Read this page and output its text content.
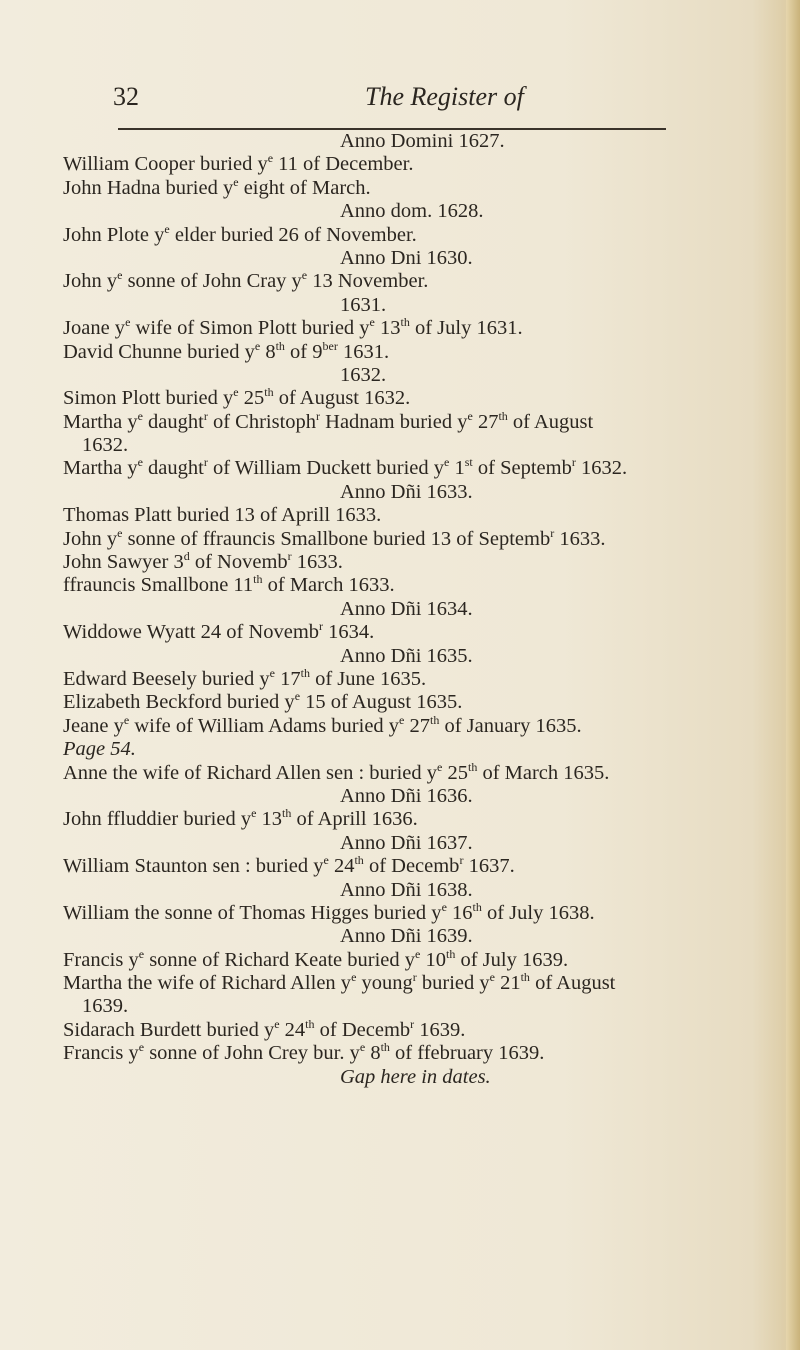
32	The Register of
Anno Domini 1627.
William Cooper buried $y^e$ 11 of December.
John Hadna buried $y^e$ eight of March.
Anno dom. 1628.
John Plote $y^e$ elder buried 26 of November.
Anno Dni 1630.
John $y^e$ sonne of John Cray $y^e$ 13 November.
1631.
Joane $y^e$ wife of Simon Plott buried $y^e$ 13th of July 1631.
David Chunne buried $y^e$ 8th of $9^{ber}$ 1631.
1632.
Simon Plott buried $y^e$ 25th of August 1632.
Martha $y^e$ daught$^r$ of Christoph$^r$ Hadnam buried $y^e$ 27th of August
1632.
Martha $y^e$ daught$^r$ of William Duckett buried $y^e$ 1st of Septemb$^r$ 1632.
Anno Dñi 1633.
Thomas Platt buried 13 of Aprill 1633.
John $y^e$ sonne of ffrauncis Smallbone buried 13 of Septemb$^r$ 1633.
John Sawyer 3$^d$ of Novemb$^r$ 1633.
ffrauncis Smallbone 11th of March 1633.
Anno Dñi 1634.
Widdowe Wyatt 24 of Novemb$^r$ 1634.
Anno Dñi 1635.
Edward Beesely buried $y^e$ 17th of June 1635.
Elizabeth Beckford buried $y^e$ 15 of August 1635.
Jeane $y^e$ wife of William Adams buried $y^e$ 27th of January 1635.
Page 54.
Anne the wife of Richard Allen sen : buried $y^e$ 25th of March 1635.
Anno Dñi 1636.
John ffluddier buried $y^e$ 13th of Aprill 1636.
Anno Dñi 1637.
William Staunton sen : buried $y^e$ 24th of Decemb$^r$ 1637.
Anno Dñi 1638.
William the sonne of Thomas Higges buried $y^e$ 16th of July 1638.
Anno Dñi 1639.
Francis $y^e$ sonne of Richard Keate buried $y^e$ 10th of July 1639.
Martha the wife of Richard Allen $y^e$ young$^r$ buried $y^e$ 21th of August
1639.
Sidarach Burdett buried $y^e$ 24th of Decemb$^r$ 1639.
Francis $y^e$ sonne of John Crey bur. $y^e$ 8th of ffebruary 1639.
Gap here in dates.
